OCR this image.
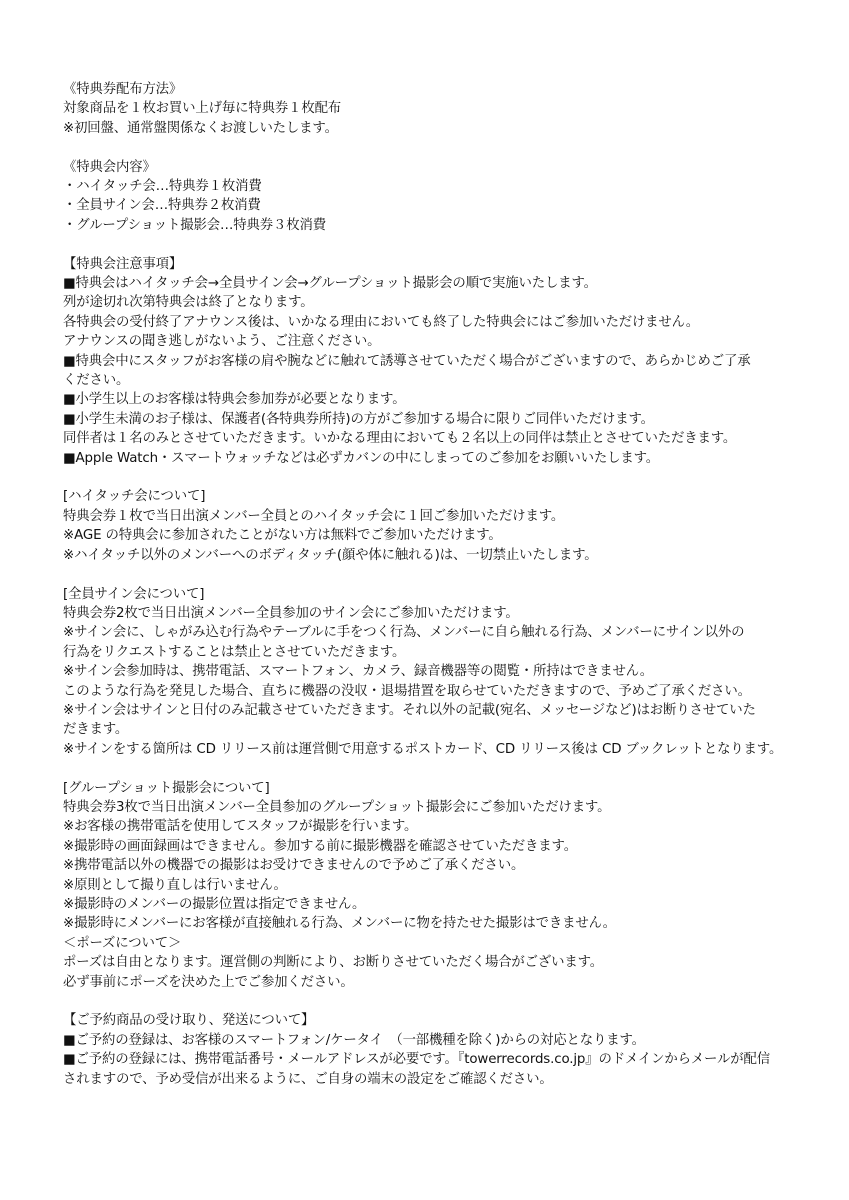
《特典券配布方法》
対象商品を１枚お買い上げ毎に特典券１枚配布
※初回盤、通常盤関係なくお渡しいたします。
《特典会内容》
・ハイタッチ会…特典券１枚消費
・全員サイン会…特典券２枚消費
・グループショット撮影会…特典券３枚消費
【特典会注意事項】
■特典会はハイタッチ会→全員サイン会→グループショット撮影会の順で実施いたします。
列が途切れ次第特典会は終了となります。
各特典会の受付終了アナウンス後は、いかなる理由においても終了した特典会にはご参加いただけません。
アナウンスの聞き逃しがないよう、ご注意ください。
■特典会中にスタッフがお客様の肩や腕などに触れて誘導させていただく場合がございますので、あらかじめご了承
ください。
■小学生以上のお客様は特典会参加券が必要となります。
■小学生未満のお子様は、保護者(各特典券所持)の方がご参加する場合に限りご同伴いただけます。
同伴者は１名のみとさせていただきます。いかなる理由においても２名以上の同伴は禁止とさせていただきます。
■Apple Watch・スマートウォッチなどは必ずカバンの中にしまってのご参加をお願いいたします。
[ハイタッチ会について]
特典会券１枚で当日出演メンバー全員とのハイタッチ会に１回ご参加いただけます。
※AGE の特典会に参加されたことがない方は無料でご参加いただけます。
※ハイタッチ以外のメンバーへのボディタッチ(顔や体に触れる)は、一切禁止いたします。
[全員サイン会について]
特典会券2枚で当日出演メンバー全員参加のサイン会にご参加いただけます。
※サイン会に、しゃがみ込む行為やテーブルに手をつく行為、メンバーに自ら触れる行為、メンバーにサイン以外の
行為をリクエストすることは禁止とさせていただきます。
※サイン会参加時は、携帯電話、スマートフォン、カメラ、録音機器等の閲覧・所持はできません。
このような行為を発見した場合、直ちに機器の没収・退場措置を取らせていただきますので、予めご了承ください。
※サイン会はサインと日付のみ記載させていただきます。それ以外の記載(宛名、メッセージなど)はお断りさせていた
だきます。
※サインをする箇所は CD リリース前は運営側で用意するポストカード、CD リリース後は CD ブックレットとなります。
[グループショット撮影会について]
特典会券3枚で当日出演メンバー全員参加のグループショット撮影会にご参加いただけます。
※お客様の携帯電話を使用してスタッフが撮影を行います。
※撮影時の画面録画はできません。参加する前に撮影機器を確認させていただきます。
※携帯電話以外の機器での撮影はお受けできませんので予めご了承ください。
※原則として撮り直しは行いません。
※撮影時のメンバーの撮影位置は指定できません。
※撮影時にメンバーにお客様が直接触れる行為、メンバーに物を持たせた撮影はできません。
＜ポーズについて＞
ポーズは自由となります。運営側の判断により、お断りさせていただく場合がございます。
必ず事前にポーズを決めた上でご参加ください。
【ご予約商品の受け取り、発送について】
■ご予約の登録は、お客様のスマートフォン/ケータイ　（一部機種を除く)からの対応となります。
■ご予約の登録には、携帯電話番号・メールアドレスが必要です。『towerrecords.co.jp』のドメインからメールが配信
されますので、予め受信が出来るように、ご自身の端末の設定をご確認ください。
